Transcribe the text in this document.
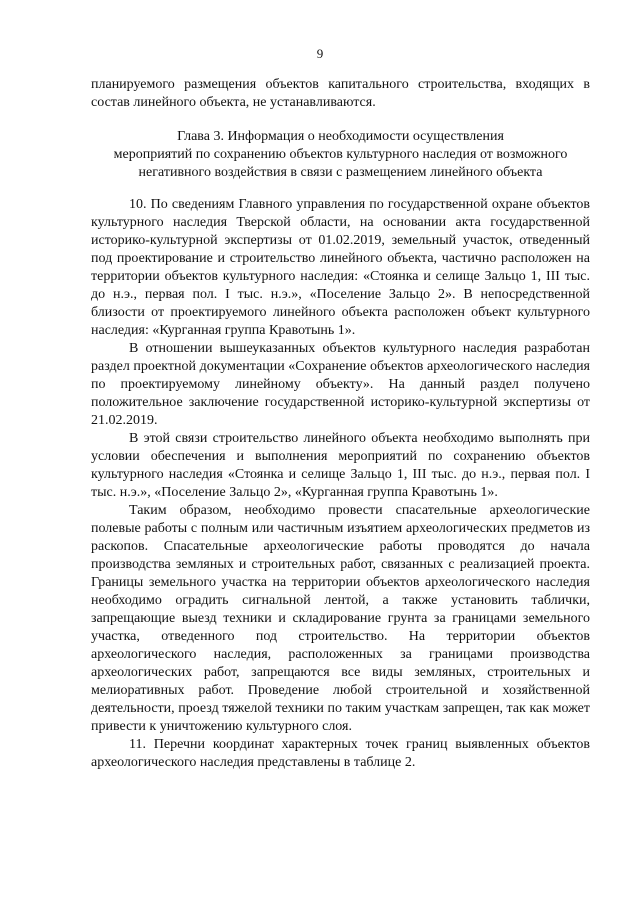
9

планируемого размещения объектов капитального строительства, входящих в состав линейного объекта, не устанавливаются.

Глава 3. Информация о необходимости осуществления
мероприятий по сохранению объектов культурного наследия от возможного
негативного воздействия в связи с размещением линейного объекта

10. По сведениям Главного управления по государственной охране объектов культурного наследия Тверской области, на основании акта государственной историко-культурной экспертизы от 01.02.2019, земельный участок, отведенный под проектирование и строительство линейного объекта, частично расположен на территории объектов культурного наследия: «Стоянка и селище Зальцо 1, III тыс. до н.э., первая пол. I тыс. н.э.», «Поселение Зальцо 2». В непосредственной близости от проектируемого линейного объекта расположен объект культурного наследия: «Курганная группа Кравотынь 1».

В отношении вышеуказанных объектов культурного наследия разработан раздел проектной документации «Сохранение объектов археологического наследия по проектируемому линейному объекту». На данный раздел получено положительное заключение государственной историко-культурной экспертизы от 21.02.2019.

В этой связи строительство линейного объекта необходимо выполнять при условии обеспечения и выполнения мероприятий по сохранению объектов культурного наследия «Стоянка и селище Зальцо 1, III тыс. до н.э., первая пол. I тыс. н.э.», «Поселение Зальцо 2», «Курганная группа Кравотынь 1».

Таким образом, необходимо провести спасательные археологические полевые работы с полным или частичным изъятием археологических предметов из раскопов. Спасательные археологические работы проводятся до начала производства земляных и строительных работ, связанных с реализацией проекта. Границы земельного участка на территории объектов археологического наследия необходимо оградить сигнальной лентой, а также установить таблички, запрещающие выезд техники и складирование грунта за границами земельного участка, отведенного под строительство. На территории объектов археологического наследия, расположенных за границами производства археологических работ, запрещаются все виды земляных, строительных и мелиоративных работ. Проведение любой строительной и хозяйственной деятельности, проезд тяжелой техники по таким участкам запрещен, так как может привести к уничтожению культурного слоя.

11. Перечни координат характерных точек границ выявленных объектов археологического наследия представлены в таблице 2.
